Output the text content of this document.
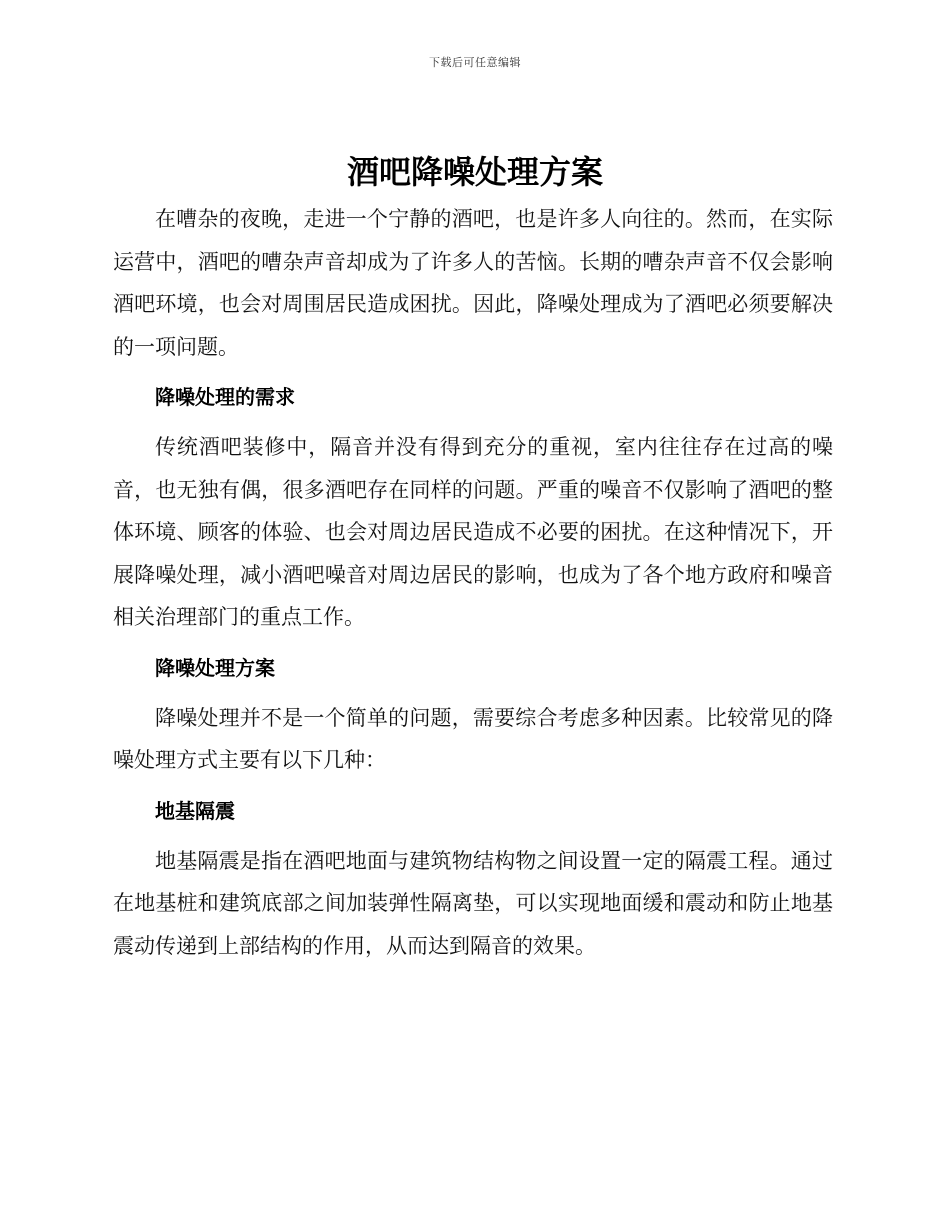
下载后可任意编辑
酒吧降噪处理方案

在嘈杂的夜晚，走进一个宁静的酒吧，也是许多人向往的。然而，在实际运营中，酒吧的嘈杂声音却成为了许多人的苦恼。长期的嘈杂声音不仅会影响酒吧环境，也会对周围居民造成困扰。因此，降噪处理成为了酒吧必须要解决的一项问题。

降噪处理的需求

传统酒吧装修中，隔音并没有得到充分的重视，室内往往存在过高的噪音，也无独有偶，很多酒吧存在同样的问题。严重的噪音不仅影响了酒吧的整体环境、顾客的体验、也会对周边居民造成不必要的困扰。在这种情况下，开展降噪处理，减小酒吧噪音对周边居民的影响，也成为了各个地方政府和噪音相关治理部门的重点工作。

降噪处理方案

降噪处理并不是一个简单的问题，需要综合考虑多种因素。比较常见的降噪处理方式主要有以下几种：

地基隔震

地基隔震是指在酒吧地面与建筑物结构物之间设置一定的隔震工程。通过在地基桩和建筑底部之间加装弹性隔离垫，可以实现地面缓和震动和防止地基震动传递到上部结构的作用，从而达到隔音的效果。
